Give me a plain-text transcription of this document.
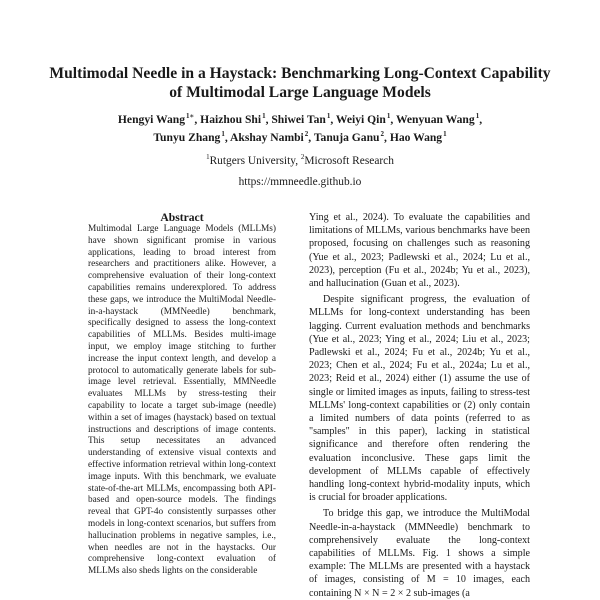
Multimodal Needle in a Haystack: Benchmarking Long-Context Capability
of Multimodal Large Language Models
Hengyi Wang$^{1∗}$, Haizhou Shi$^1$, Shiwei Tan$^1$, Weiyi Qin$^1$, Wenyuan Wang$^1$,
Tunyu Zhang$^1$, Akshay Nambi$^2$, Tanuja Ganu$^2$, Hao Wang$^1$
$^1$Rutgers University, $^2$Microsoft Research
https://mmneedle.github.io
Abstract
Multimodal Large Language Models (MLLMs) have shown significant promise in various applications, leading to broad interest from researchers and practitioners alike. However, a comprehensive evaluation of their long-context capabilities remains underexplored. To address these gaps, we introduce the MultiModal Needle-in-a-haystack (MMNeedle) benchmark, specifically designed to assess the long-context capabilities of MLLMs. Besides multi-image input, we employ image stitching to further increase the input context length, and develop a protocol to automatically generate labels for sub-image level retrieval. Essentially, MMNeedle evaluates MLLMs by stress-testing their capability to locate a target sub-image (needle) within a set of images (haystack) based on textual instructions and descriptions of image contents. This setup necessitates an advanced understanding of extensive visual contexts and effective information retrieval within long-context image inputs. With this benchmark, we evaluate state-of-the-art MLLMs, encompassing both API-based and open-source models. The findings reveal that GPT-4o consistently surpasses other models in long-context scenarios, but suffers from hallucination problems in negative samples, i.e., when needles are not in the haystacks. Our comprehensive long-context evaluation of MLLMs also sheds lights on the considerable

Ying et al., 2024). To evaluate the capabilities and limitations of MLLMs, various benchmarks have been proposed, focusing on challenges such as reasoning (Yue et al., 2023; Padlewski et al., 2024; Lu et al., 2023), perception (Fu et al., 2024b; Yu et al., 2023), and hallucination (Guan et al., 2023).

Despite significant progress, the evaluation of MLLMs for long-context understanding has been lagging. Current evaluation methods and benchmarks (Yue et al., 2023; Ying et al., 2024; Liu et al., 2023; Padlewski et al., 2024; Fu et al., 2024b; Yu et al., 2023; Chen et al., 2024; Fu et al., 2024a; Lu et al., 2023; Reid et al., 2024) either (1) assume the use of single or limited images as inputs, failing to stress-test MLLMs' long-context capabilities or (2) only contain a limited numbers of data points (referred to as "samples" in this paper), lacking in statistical significance and therefore often rendering the evaluation inconclusive. These gaps limit the development of MLLMs capable of effectively handling long-context hybrid-modality inputs, which is crucial for broader applications.

To bridge this gap, we introduce the MultiModal Needle-in-a-haystack (MMNeedle) benchmark to comprehensively evaluate the long-context capabilities of MLLMs. Fig. 1 shows a simple example: The MLLMs are presented with a haystack of images, consisting of M = 10 images, each containing N × N = 2 × 2 sub-images (a
